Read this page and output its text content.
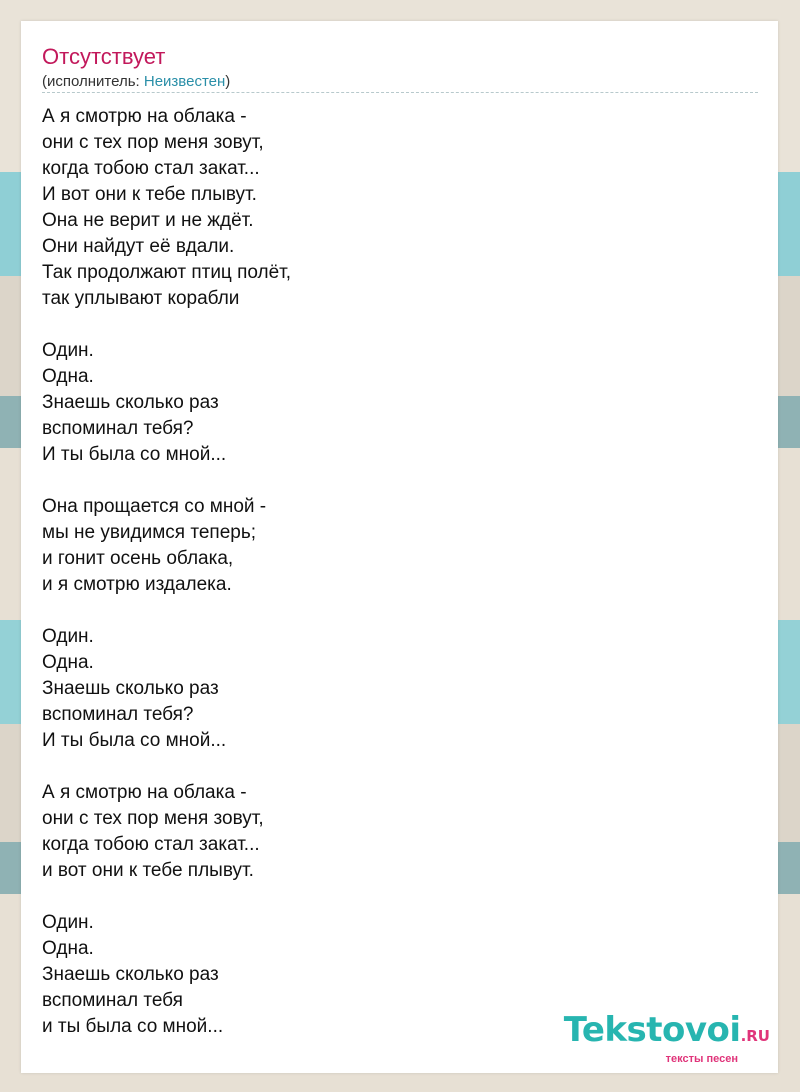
Отсутствует

(исполнитель: Неизвестен)

А я смотрю на облака -
они с тех пор меня зовут,
когда тобою стал закат...
И вот они к тебе плывут.
Она не верит и не ждёт.
Они найдут её вдали.
Так продолжают птиц полёт,
так уплывают корабли
Один.
Одна.
Знаешь сколько раз
вспоминал тебя?
И ты была со мной...
Она прощается со мной -
мы не увидимся теперь;
и гонит осень облака,
и я смотрю издалека.
Один.
Одна.
Знаешь сколько раз
вспоминал тебя?
И ты была со мной...
А я смотрю на облака -
они с тех пор меня зовут,
когда тобою стал закат...
и вот они к тебе плывут.
Один.
Одна.
Знаешь сколько раз
вспоминал тебя
и ты была со мной...	Tekstovoi.RU
тексты песен
